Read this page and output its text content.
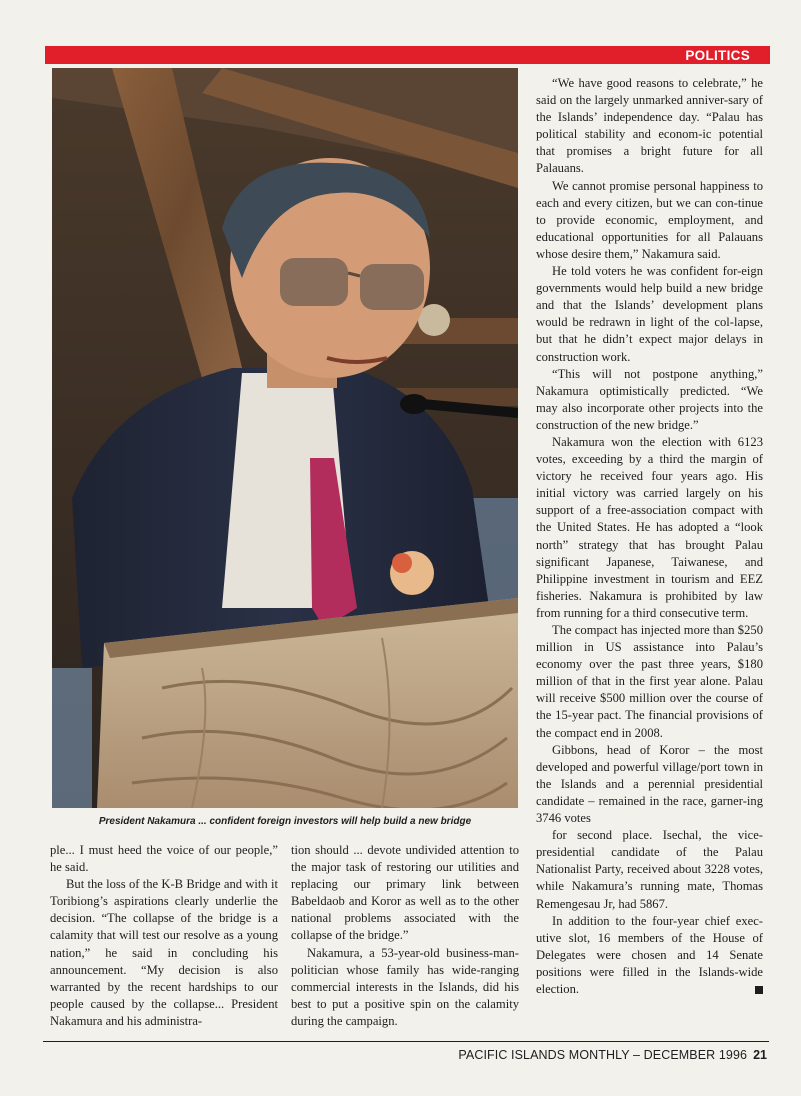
POLITICS
President Nakamura ... confident foreign investors will help build a new bridge

ple... I must heed the voice of our people,” he said.

But the loss of the K-B Bridge and with it Toribiong’s aspirations clearly underlie the decision. “The collapse of the bridge is a calamity that will test our resolve as a young nation,” he said in concluding his announcement. “My decision is also warranted by the recent hardships to our people caused by the collapse... President Nakamura and his administra-

tion should ... devote undivided attention to the major task of restoring our utilities and replacing our primary link between Babeldaob and Koror as well as to the other national problems associated with the collapse of the bridge.”

Nakamura, a 53-year-old business-man-politician whose family has wide-ranging commercial interests in the Islands, did his best to put a positive spin on the calamity during the campaign.

“We have good reasons to celebrate,” he said on the largely unmarked anniver-sary of the Islands’ independence day. “Palau has political stability and econom-ic potential that promises a bright future for all Palauans.

We cannot promise personal happiness to each and every citizen, but we can con-tinue to provide economic, employment, and educational opportunities for all Palauans whose desire them,” Nakamura said.

He told voters he was confident for-eign governments would help build a new bridge and that the Islands’ development plans would be redrawn in light of the col-lapse, but that he didn’t expect major delays in construction work.

“This will not postpone anything,” Nakamura optimistically predicted. “We may also incorporate other projects into the construction of the new bridge.”

Nakamura won the election with 6123 votes, exceeding by a third the margin of victory he received four years ago. His initial victory was carried largely on his support of a free-association compact with the United States. He has adopted a “look north” strategy that has brought Palau significant Japanese, Taiwanese, and Philippine investment in tourism and EEZ fisheries. Nakamura is prohibited by law from running for a third consecutive term.

The compact has injected more than $250 million in US assistance into Palau’s economy over the past three years, $180 million of that in the first year alone. Palau will receive $500 million over the course of the 15-year pact. The financial provisions of the compact end in 2008.

Gibbons, head of Koror – the most developed and powerful village/port town in the Islands and a perennial presidential candidate – remained in the race, garner-ing 3746 votes

for second place. Isechal, the vice-presidential candidate of the Palau Nationalist Party, received about 3228 votes, while Nakamura’s running mate, Thomas Remengesau Jr, had 5867.

In addition to the four-year chief exec-utive slot, 16 members of the House of Delegates were chosen and 14 Senate positions were filled in the Islands-wide election.

PACIFIC ISLANDS MONTHLY – DECEMBER 1996 21
